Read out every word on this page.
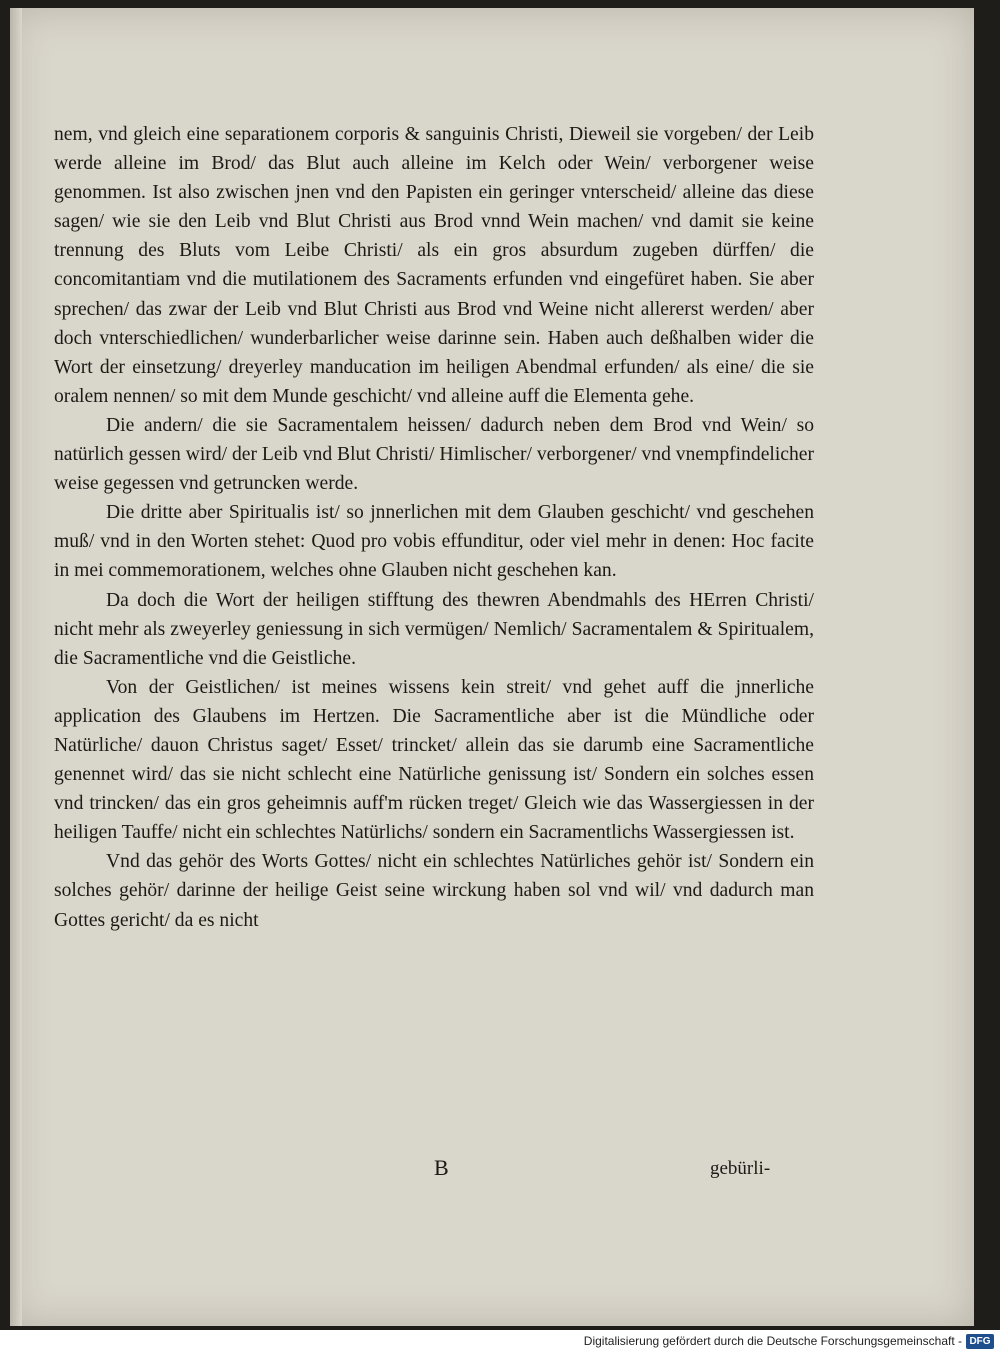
nem, vnd gleich eine separationem corporis & sanguinis Christi, Dieweil sie vorgeben/ der Leib werde alleine im Brod/ das Blut auch alleine im Kelch oder Wein/ verborgener weise genommen. Ist also zwischen jnen vnd den Papisten ein geringer vnterscheid/ alleine das diese sagen/ wie sie den Leib vnd Blut Christi aus Brod vnnd Wein machen/ vnd damit sie keine trennung des Bluts vom Leibe Christi/ als ein gros absurdum zugeben dürffen/ die concomitantiam vnd die mutilationem des Sacraments erfunden vnd eingefüret haben. Sie aber sprechen/ das zwar der Leib vnd Blut Christi aus Brod vnd Weine nicht allererst werden/ aber doch vnterschiedlichen/ wunderbarlicher weise darinne sein. Haben auch deßhalben wider die Wort der einsetzung/ dreyerley manducation im heiligen Abendmal erfunden/ als eine/ die sie oralem nennen/ so mit dem Munde geschicht/ vnd alleine auff die Elementa gehe.

Die andern/ die sie Sacramentalem heissen/ dadurch neben dem Brod vnd Wein/ so natürlich gessen wird/ der Leib vnd Blut Christi/ Himlischer/ verborgener/ vnd vnempfindelicher weise gegessen vnd getruncken werde.

Die dritte aber Spiritualis ist/ so jnnerlichen mit dem Glauben geschicht/ vnd geschehen muß/ vnd in den Worten stehet: Quod pro vobis effunditur, oder viel mehr in denen: Hoc facite in mei commemorationem, welches ohne Glauben nicht geschehen kan.

Da doch die Wort der heiligen stifftung des thewren Abendmahls des HErren Christi/ nicht mehr als zweyerley geniessung in sich vermügen/ Nemlich/ Sacramentalem & Spiritualem, die Sacramentliche vnd die Geistliche.

Von der Geistlichen/ ist meines wissens kein streit/ vnd gehet auff die jnnerliche application des Glaubens im Hertzen. Die Sacramentliche aber ist die Mündliche oder Natürliche/ dauon Christus saget/ Esset/ trincket/ allein das sie darumb eine Sacramentliche genennet wird/ das sie nicht schlecht eine Natürliche genissung ist/ Sondern ein solches essen vnd trincken/ das ein gros geheimnis auff'm rücken treget/ Gleich wie das Wassergiessen in der heiligen Tauffe/ nicht ein schlechtes Natürlichs/ sondern ein Sacramentlichs Wassergiessen ist.

Vnd das gehör des Worts Gottes/ nicht ein schlechtes Natürliches gehör ist/ Sondern ein solches gehör/ darinne der heilige Geist seine wirckung haben sol vnd wil/ vnd dadurch man Gottes gericht/ da es nicht

B	gebürli-
Digitalisierung gefördert durch die Deutsche Forschungsgemeinschaft - DFG
